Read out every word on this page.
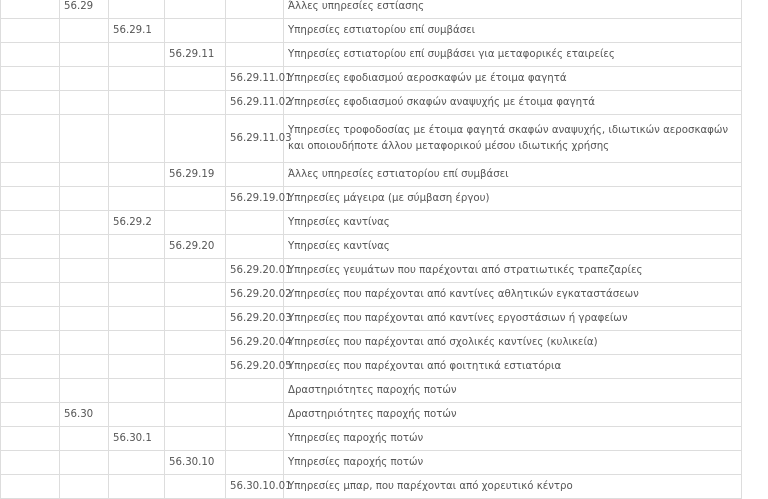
	56.29				Άλλες υπηρεσίες εστίασης
		56.29.1			Υπηρεσίες εστιατορίου επί συμβάσει
			56.29.11		Υπηρεσίες εστιατορίου επί συμβάσει για μεταφορικές εταιρείες
				56.29.11.01	Υπηρεσίες εφοδιασμού αεροσκαφών με έτοιμα φαγητά
				56.29.11.02	Υπηρεσίες εφοδιασμού σκαφών αναψυχής με έτοιμα φαγητά
				56.29.11.03	Υπηρεσίες τροφοδοσίας με έτοιμα φαγητά σκαφών αναψυχής, ιδιωτικών αεροσκαφών και οποιουδήποτε άλλου μεταφορικού μέσου ιδιωτικής χρήσης
			56.29.19		Άλλες υπηρεσίες εστιατορίου επί συμβάσει
				56.29.19.01	Υπηρεσίες μάγειρα (με σύμβαση έργου)
		56.29.2			Υπηρεσίες καντίνας
			56.29.20		Υπηρεσίες καντίνας
				56.29.20.01	Υπηρεσίες γευμάτων που παρέχονται από στρατιωτικές τραπεζαρίες
				56.29.20.02	Υπηρεσίες που παρέχονται από καντίνες αθλητικών εγκαταστάσεων
				56.29.20.03	Υπηρεσίες που παρέχονται από καντίνες εργοστάσιων ή γραφείων
				56.29.20.04	Υπηρεσίες που παρέχονται από σχολικές καντίνες (κυλικεία)
				56.29.20.05	Υπηρεσίες που παρέχονται από φοιτητικά εστιατόρια
					Δραστηριότητες παροχής ποτών
	56.30				Δραστηριότητες παροχής ποτών
		56.30.1			Υπηρεσίες παροχής ποτών
			56.30.10		Υπηρεσίες παροχής ποτών
				56.30.10.01	Υπηρεσίες μπαρ, που παρέχονται από χορευτικό κέντρο
